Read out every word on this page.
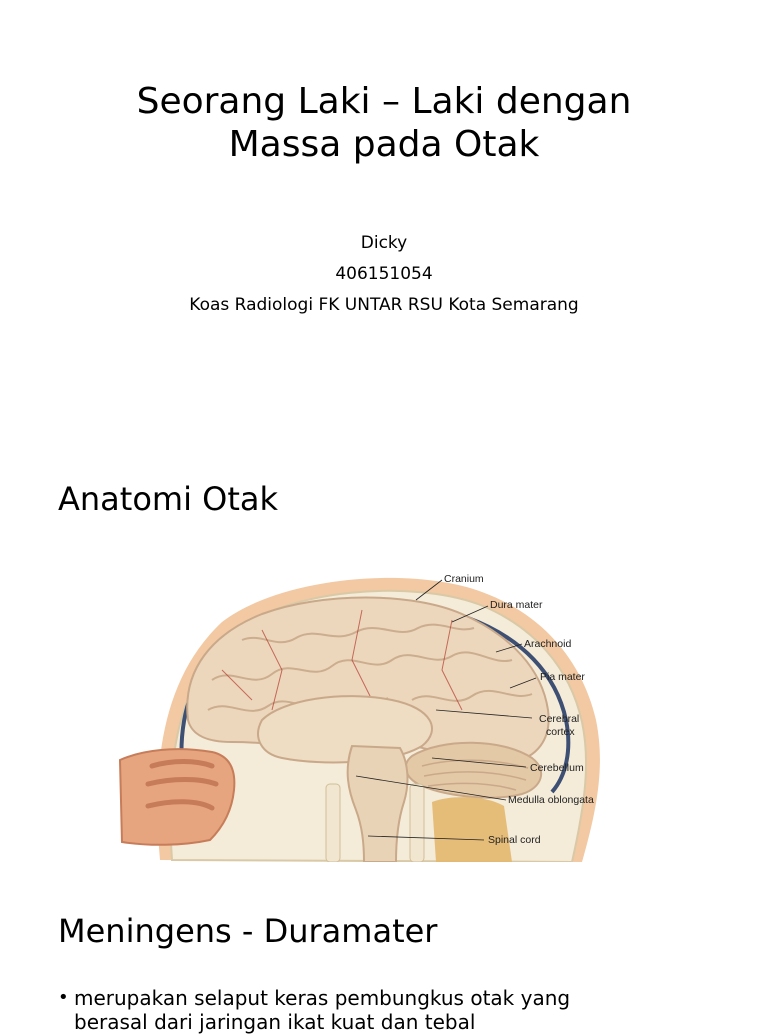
Seorang Laki – Laki dengan
Massa pada Otak
Dicky
406151054
Koas Radiologi FK UNTAR RSU Kota Semarang
Anatomi Otak
Cranium
Dura mater
Arachnoid
Pia mater
Cerebral
cortex
Cerebellum
Medulla oblongata
Spinal cord
Meningens - Duramater
• merupakan selaput keras pembungkus otak yang
berasal dari jaringan ikat kuat dan tebal
